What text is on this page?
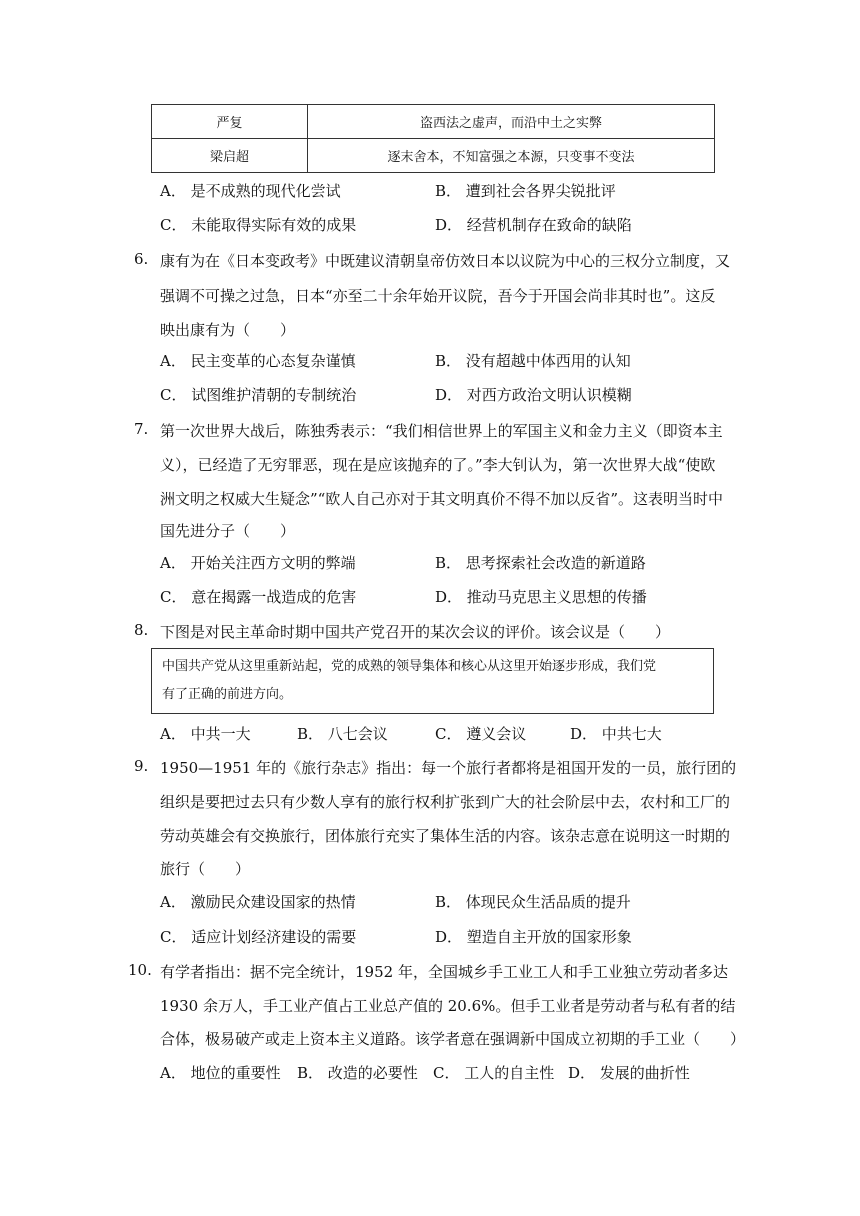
严复	盗西法之虚声，而沿中土之实弊
梁启超	逐末舍本，不知富强之本源，只变事不变法
A． 是不成熟的现代化尝试	B． 遭到社会各界尖锐批评
C． 未能取得实际有效的成果	D． 经营机制存在致命的缺陷
6. 康有为在《日本变政考》中既建议清朝皇帝仿效日本以议院为中心的三权分立制度，又
强调不可操之过急，日本“亦至二十余年始开议院，吾今于开国会尚非其时也”。这反
映出康有为（　　）
A． 民主变革的心态复杂谨慎	B． 没有超越中体西用的认知
C． 试图维护清朝的专制统治	D． 对西方政治文明认识模糊
7. 第一次世界大战后，陈独秀表示：“我们相信世界上的军国主义和金力主义（即资本主
义），已经造了无穷罪恶，现在是应该抛弃的了。”李大钊认为，第一次世界大战“使欧
洲文明之权威大生疑念”“欧人自己亦对于其文明真价不得不加以反省”。这表明当时中
国先进分子（　　）
A． 开始关注西方文明的弊端	B． 思考探索社会改造的新道路
C． 意在揭露一战造成的危害	D． 推动马克思主义思想的传播
8. 下图是对民主革命时期中国共产党召开的某次会议的评价。该会议是（　　）
中国共产党从这里重新站起，党的成熟的领导集体和核心从这里开始逐步形成，我们党
有了正确的前进方向。
A． 中共一大	B． 八七会议	C． 遵义会议	D． 中共七大
9. 1950—1951 年的《旅行杂志》指出：每一个旅行者都将是祖国开发的一员，旅行团的
组织是要把过去只有少数人享有的旅行权利扩张到广大的社会阶层中去，农村和工厂的
劳动英雄会有交换旅行，团体旅行充实了集体生活的内容。该杂志意在说明这一时期的
旅行（　　）
A． 激励民众建设国家的热情	B． 体现民众生活品质的提升
C． 适应计划经济建设的需要	D． 塑造自主开放的国家形象
10. 有学者指出：据不完全统计，1952 年，全国城乡手工业工人和手工业独立劳动者多达
1930 余万人，手工业产值占工业总产值的 20.6%。但手工业者是劳动者与私有者的结
合体，极易破产或走上资本主义道路。该学者意在强调新中国成立初期的手工业（　　）
A． 地位的重要性 B． 改造的必要性 C． 工人的自主性 D． 发展的曲折性
